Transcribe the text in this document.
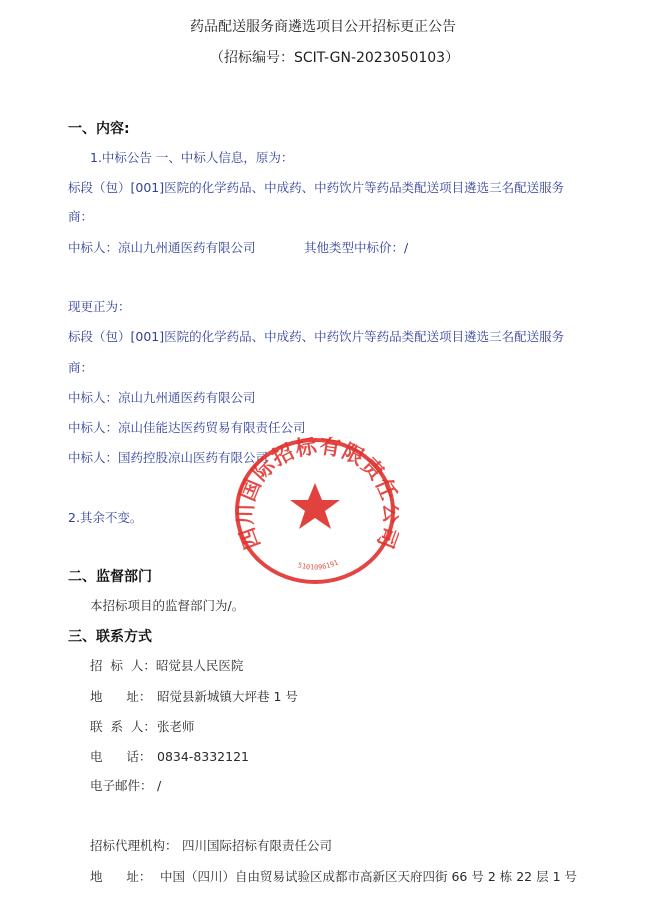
药品配送服务商遴选项目公开招标更正公告
（招标编号：SCIT-GN-2023050103）
一、内容:
1.中标公告 一、中标人信息，原为：
标段（包）[001]医院的化学药品、中成药、中药饮片等药品类配送项目遴选三名配送服务
商：
中标人：凉山九州通医药有限公司	其他类型中标价：/
现更正为：
标段（包）[001]医院的化学药品、中成药、中药饮片等药品类配送项目遴选三名配送服务
商：
中标人：凉山九州通医药有限公司
中标人：凉山佳能达医药贸易有限责任公司
中标人：国药控股凉山医药有限公司
2.其余不变。
二、监督部门
本招标项目的监督部门为/。
三、联系方式
招  标  人：昭觉县人民医院
地      址： 昭觉县新城镇大坪巷 1 号
联  系  人： 张老师
电      话： 0834-8332121
电子邮件： /
招标代理机构： 四川国际招标有限责任公司
地      址： 中国（四川）自由贸易试验区成都市高新区天府四街 66 号 2 栋 22 层 1 号
四川国际招标有限责
5101096191
